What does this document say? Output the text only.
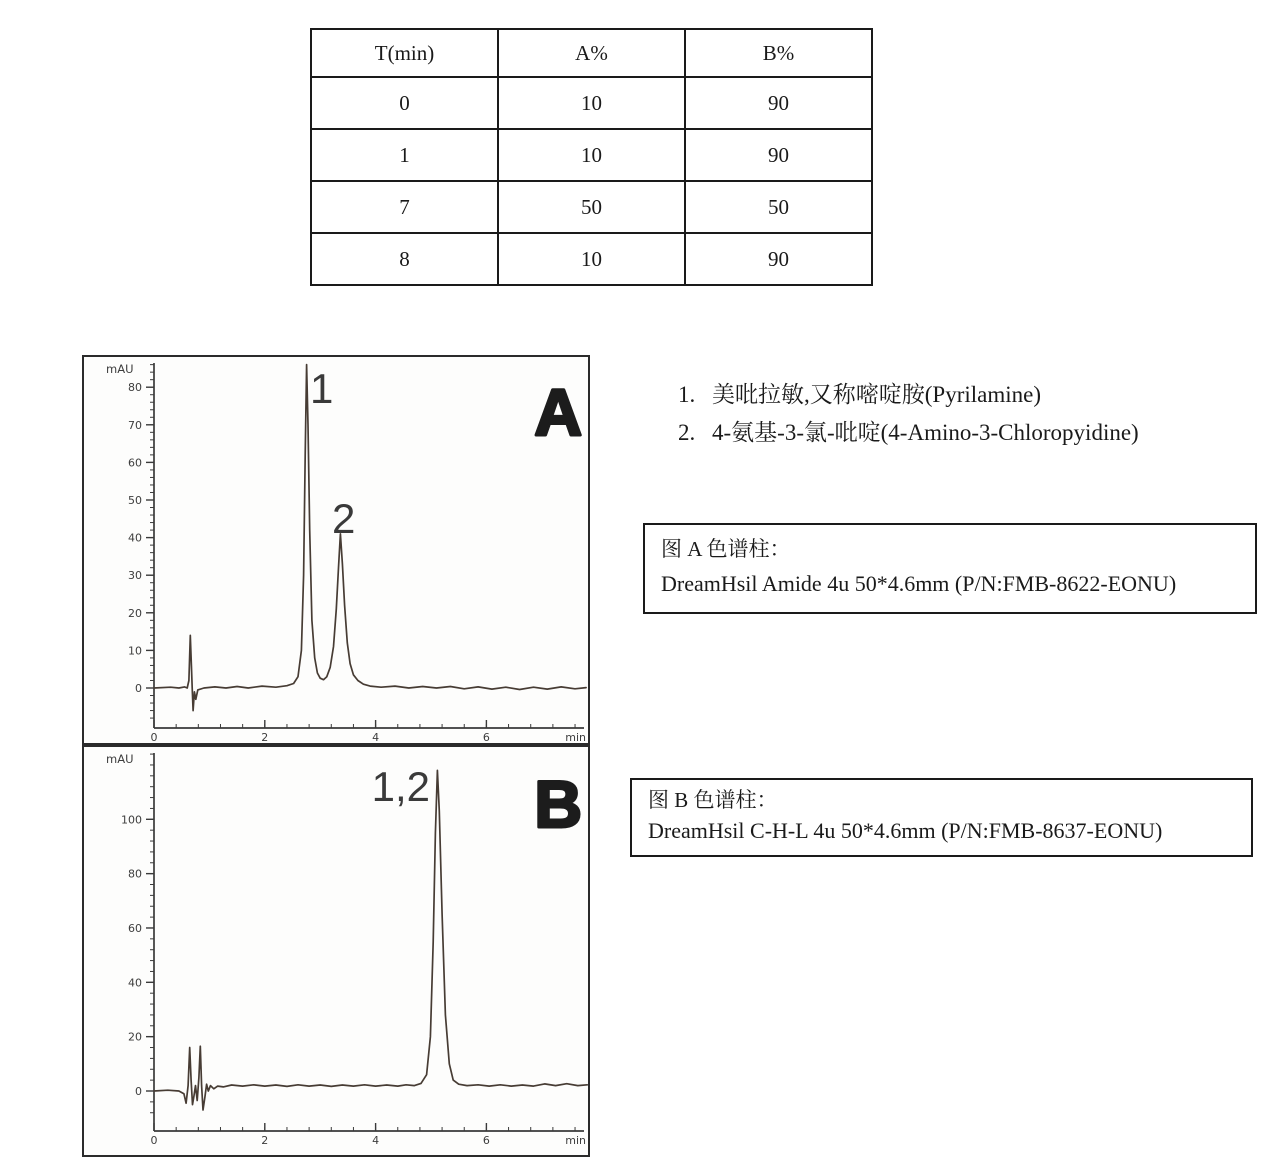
T(min)	A%	B%
0	10	90
1	10	90
7	50	50
8	10	90
0	2	4	6	min
0
10
20
30
40
50
60
70
80
mAU	1
2
A
0	2	4	6	min
0
20
40
60
80
100
mAU
1,2 B
1. 美吡拉敏,又称嘧啶胺(Pyrilamine)
2. 4-氨基-3-氯-吡啶(4-Amino-3-Chloropyidine)
图 A 色谱柱：
DreamHsil Amide 4u 50*4.6mm (P/N:FMB-8622-EONU)
图 B 色谱柱：
DreamHsil C-H-L 4u 50*4.6mm (P/N:FMB-8637-EONU)
